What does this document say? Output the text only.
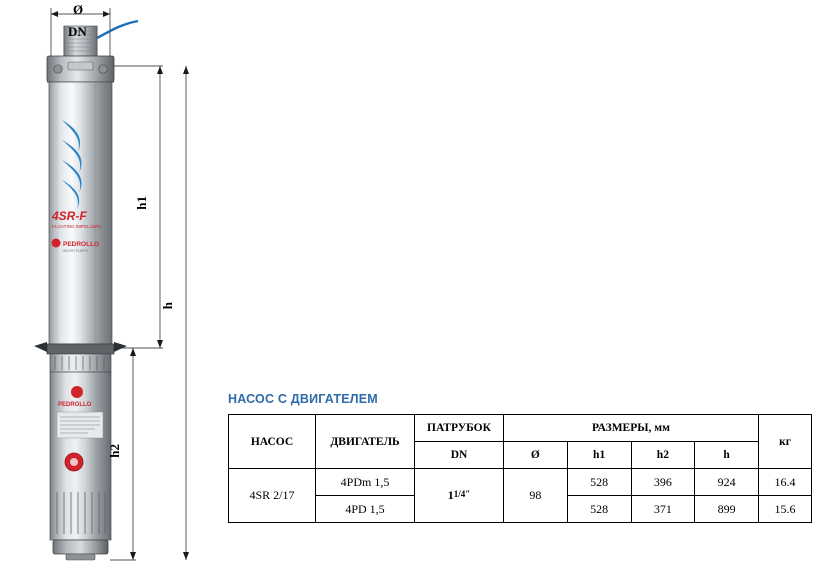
4SR-F
FLOATING IMPELLERS
PEDROLLO
WATER PUMPS
PEDROLLO
Ø
DN
h1
h
h2
НАСОС С ДВИГАТЕЛЕМ
НАСОС	ДВИГАТЕЛЬ	ПАТРУБОК	РАЗМЕРЫ, мм				кг
		DN	Ø	h1	h2	h	
4SR 2/17	4PDm 1,5	11/4"	98	528	396	924	16.4
	4PD 1,5			528	371	899	15.6
